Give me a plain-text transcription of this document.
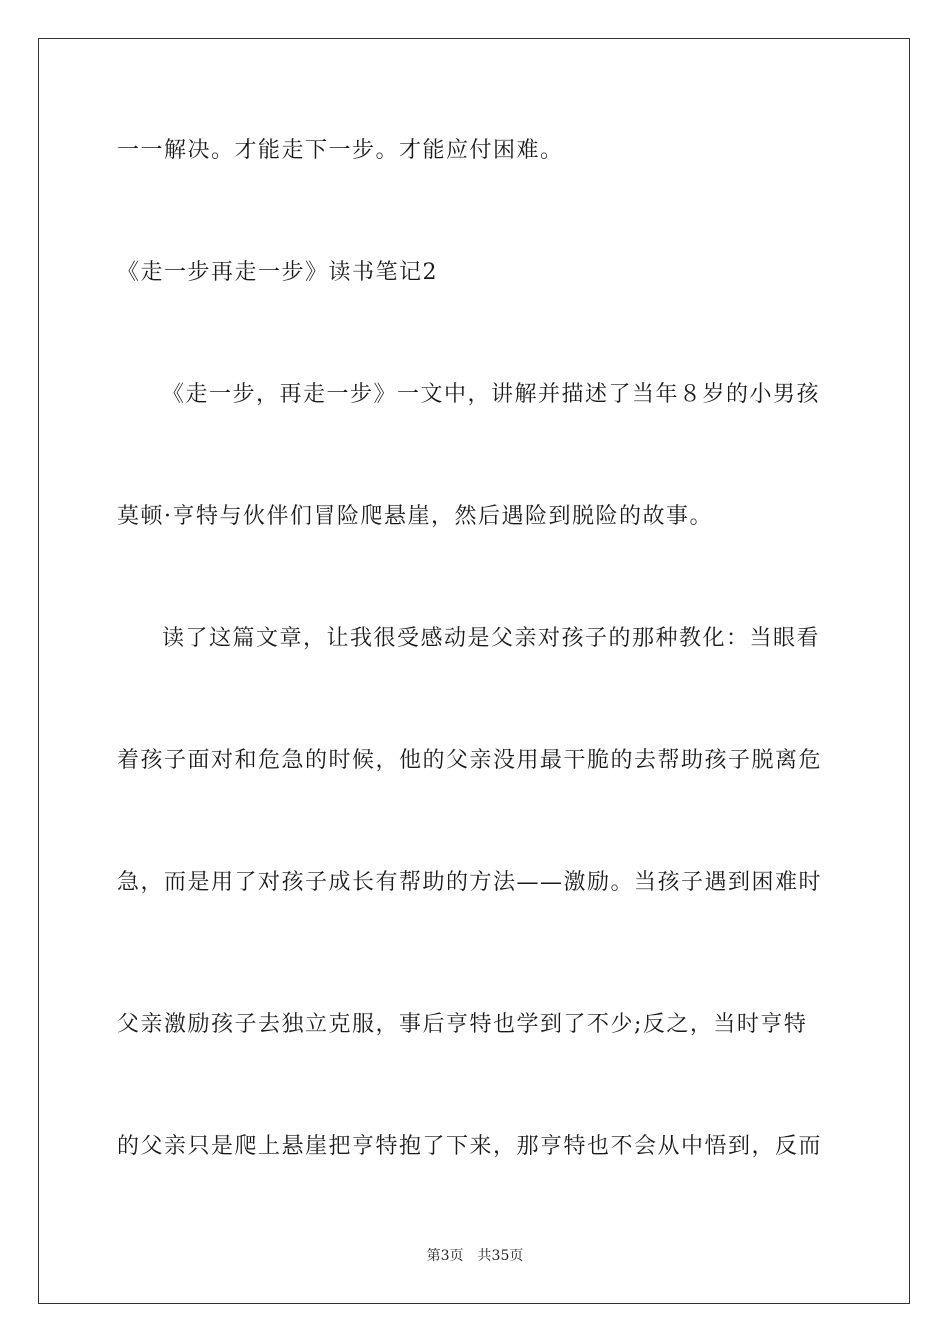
一一解决。才能走下一步。才能应付困难。
《走一步再走一步》读书笔记2
《走一步，再走一步》一文中，讲解并描述了当年８岁的小男孩
莫顿·亨特与伙伴们冒险爬悬崖，然后遇险到脱险的故事。
读了这篇文章，让我很受感动是父亲对孩子的那种教化：当眼看
着孩子面对和危急的时候，他的父亲没用最干脆的去帮助孩子脱离危
急，而是用了对孩子成长有帮助的方法——激励。当孩子遇到困难时
父亲激励孩子去独立克服，事后亨特也学到了不少;反之，当时亨特
的父亲只是爬上悬崖把亨特抱了下来，那亨特也不会从中悟到，反而
第3页 共35页
